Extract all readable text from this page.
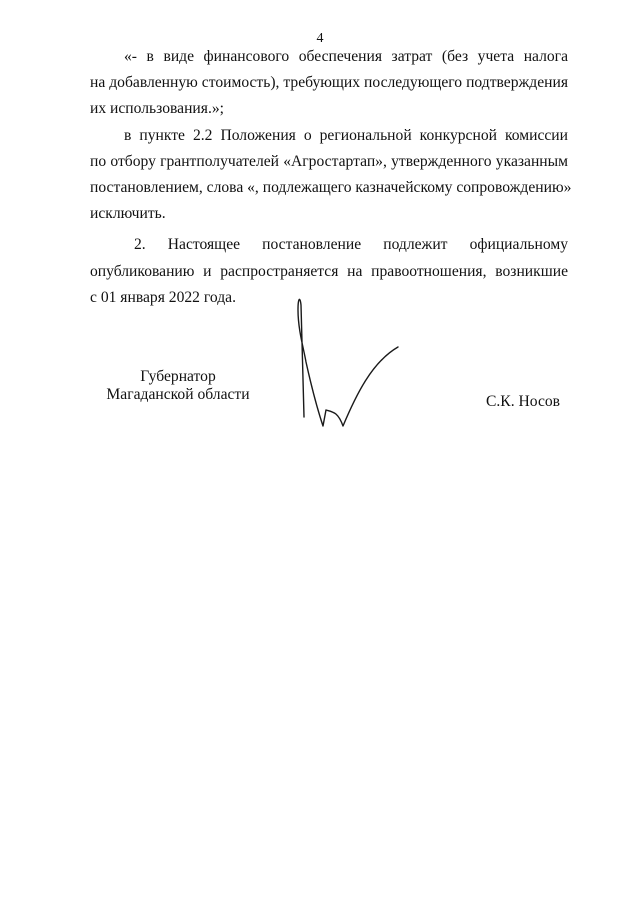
4
«- в виде финансового обеспечения затрат (без учета налога
на добавленную стоимость), требующих последующего подтверждения
их использования.»;
в пункте 2.2 Положения о региональной конкурсной комиссии
по отбору грантполучателей «Агростартап», утвержденного указанным
постановлением, слова «, подлежащего казначейскому сопровождению»
исключить.
2. Настоящее постановление подлежит официальному
опубликованию и распространяется на правоотношения, возникшие
с 01 января 2022 года.
Губернатор
Магаданской области	С.К. Носов
